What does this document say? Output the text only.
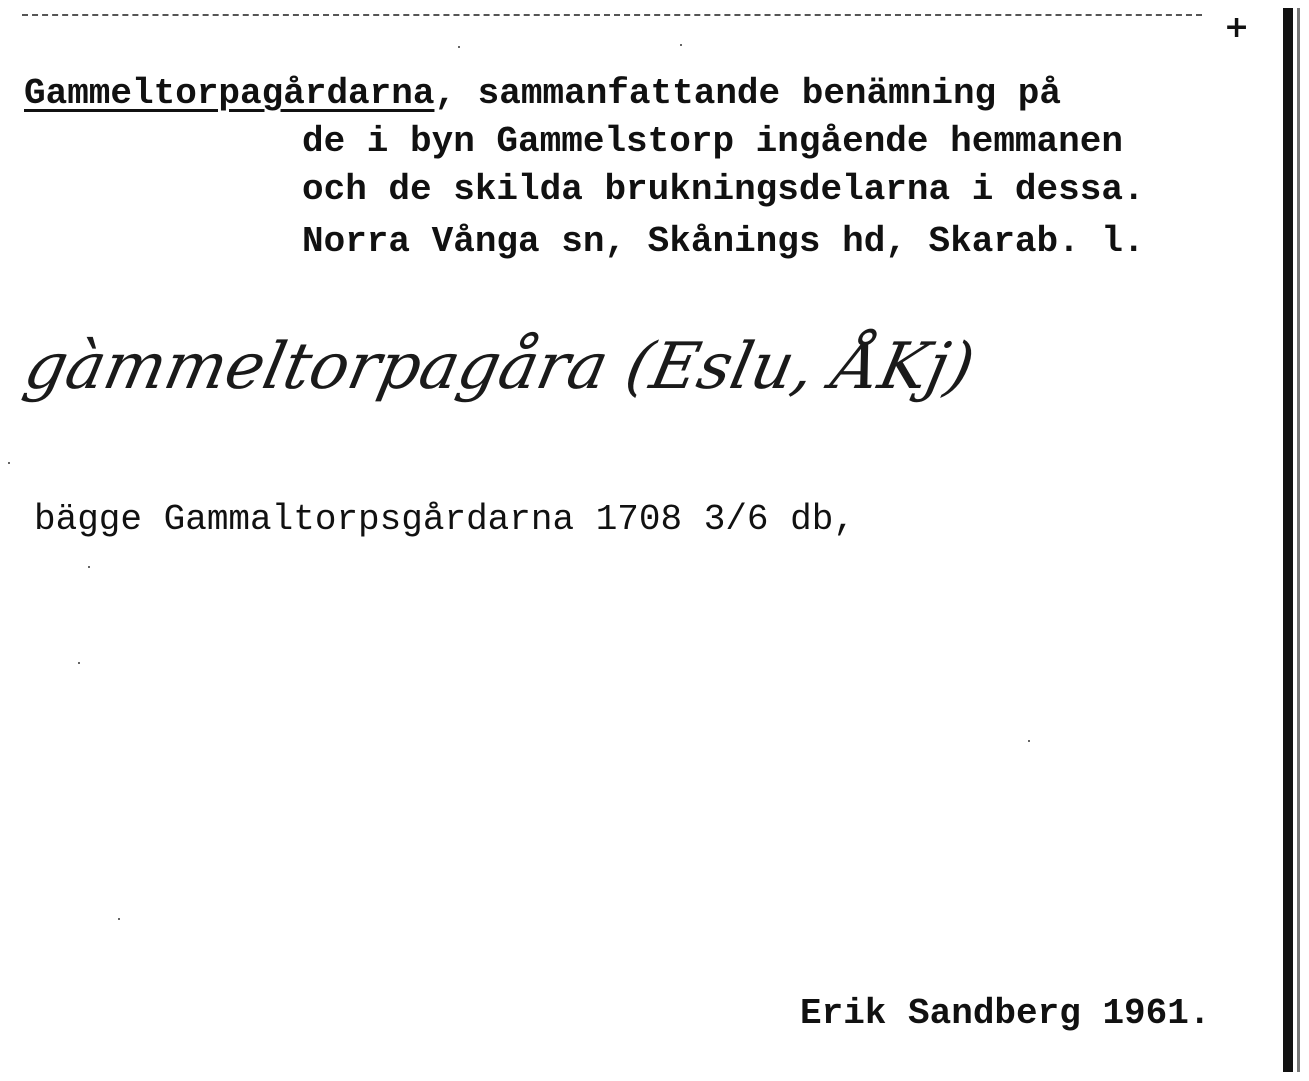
+
Gammeltorpagårdarna, sammanfattande benämning på
de i byn Gammelstorp ingående hemmanen
och de skilda brukningsdelarna i dessa.
Norra Vånga sn, Skånings hd, Skarab. l.
gàmmeltorpagåra (Eslu, ÅKj)
bägge Gammaltorpsgårdarna 1708 3/6 db,
Erik Sandberg 1961.
